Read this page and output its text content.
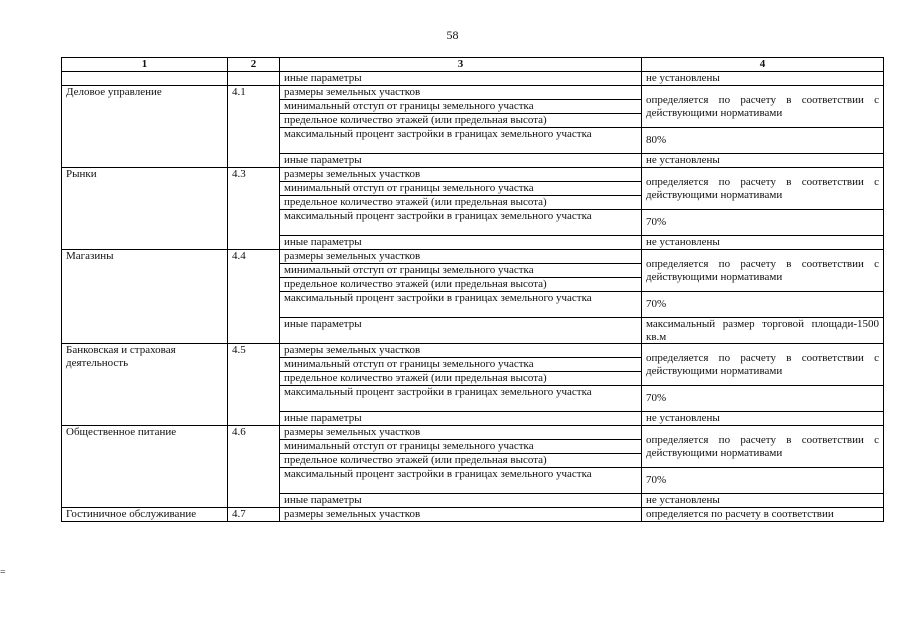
58
=
1	2	3	4
		иные параметры	не установлены
Деловое управление	4.1	размеры земельных участков	определяется по расчету в соответствии с действующими нормативами
		минимальный отступ от границы земельного участка	
		предельное количество этажей (или предельная высота)	
		максимальный процент застройки в границах земельного участка	80%
		иные параметры	не установлены
Рынки	4.3	размеры земельных участков	определяется по расчету в соответствии с действующими нормативами
		минимальный отступ от границы земельного участка	
		предельное количество этажей (или предельная высота)	
		максимальный процент застройки в границах земельного участка	70%
		иные параметры	не установлены
Магазины	4.4	размеры земельных участков	определяется по расчету в соответствии с действующими нормативами
		минимальный отступ от границы земельного участка	
		предельное количество этажей (или предельная высота)	
		максимальный процент застройки в границах земельного участка	70%
		иные параметры	максимальный размер торговой площади-1500 кв.м
Банковская и страховая деятельность	4.5	размеры земельных участков	определяется по расчету в соответствии с действующими нормативами
		минимальный отступ от границы земельного участка	
		предельное количество этажей (или предельная высота)	
		максимальный процент застройки в границах земельного участка	70%
		иные параметры	не установлены
Общественное питание	4.6	размеры земельных участков	определяется по расчету в соответствии с действующими нормативами
		минимальный отступ от границы земельного участка	
		предельное количество этажей (или предельная высота)	
		максимальный процент застройки в границах земельного участка	70%
		иные параметры	не установлены
Гостиничное обслуживание	4.7	размеры земельных участков	определяется по расчету в соответствии
